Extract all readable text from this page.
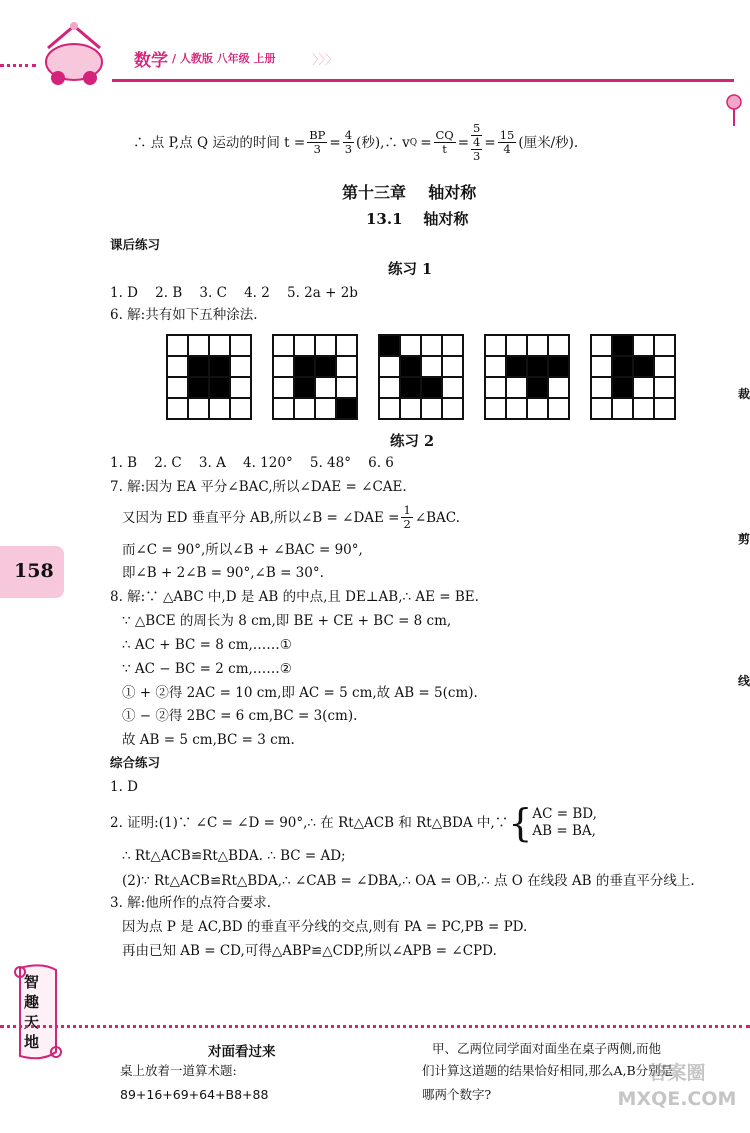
数学 / 人教版 八年级 上册	〉〉〉
158
裁
剪
线
∴ 点 P,点 Q 运动的时间 $t = \frac{BP}{3} = \frac{4}{3}$ (秒),∴ v $Q = \frac{CQ}{t} = \frac{5}{\frac{4}{3}} = \frac{15}{4}$ (厘米/秒).
第十三章    轴对称
13.1    轴对称
课后练习
练习 1
1. D    2. B    3. C    4. 2    5. 2a + 2b
6. 解:共有如下五种涂法.
练习 2
1. B    2. C    3. A    4. 120°    5. 48°    6. 6
7. 解:因为 EA 平分∠BAC,所以∠DAE = ∠CAE.
又因为 ED 垂直平分 AB,所以∠B = ∠DAE = $\frac{1}{2}$ ∠BAC.
而∠C = 90°,所以∠B + ∠BAC = 90°,
即∠B + 2∠B = 90°,∠B = 30°.
8. 解:∵ △ABC 中,D 是 AB 的中点,且 DE⊥AB,∴ AE = BE.
∵ △BCE 的周长为 8 cm,即 BE + CE + BC = 8 cm,
∴ AC + BC = 8 cm,……①
∵ AC − BC = 2 cm,……②
① + ②得 2AC = 10 cm,即 AC = 5 cm,故 AB = 5(cm).
① − ②得 2BC = 6 cm,BC = 3(cm).
故 AB = 5 cm,BC = 3 cm.
综合练习
1. D
2. 证明:(1)∵ ∠C = ∠D = 90°,∴ 在 Rt△ACB 和 Rt△BDA 中,∵ { AC = BD,
AB = BA,
∴ Rt△ACB≌Rt△BDA. ∴ BC = AD;
(2)∵ Rt△ACB≌Rt△BDA,∴ ∠CAB = ∠DBA,∴ OA = OB,∴ 点 O 在线段 AB 的垂直平分线上.
3. 解:他所作的点符合要求.
因为点 P 是 AC,BD 的垂直平分线的交点,则有 PA = PC,PB = PD.
再由已知 AB = CD,可得△ABP≌△CDP,所以∠APB = ∠CPD.
智趣天地
对面看过来
桌上放着一道算术题:
89+16+69+64+B8+88
甲、乙两位同学面对面坐在桌子两侧,而他
们计算这道题的结果恰好相同,那么A,B分别是
哪两个数字?
答案圈 MXQE.COM
